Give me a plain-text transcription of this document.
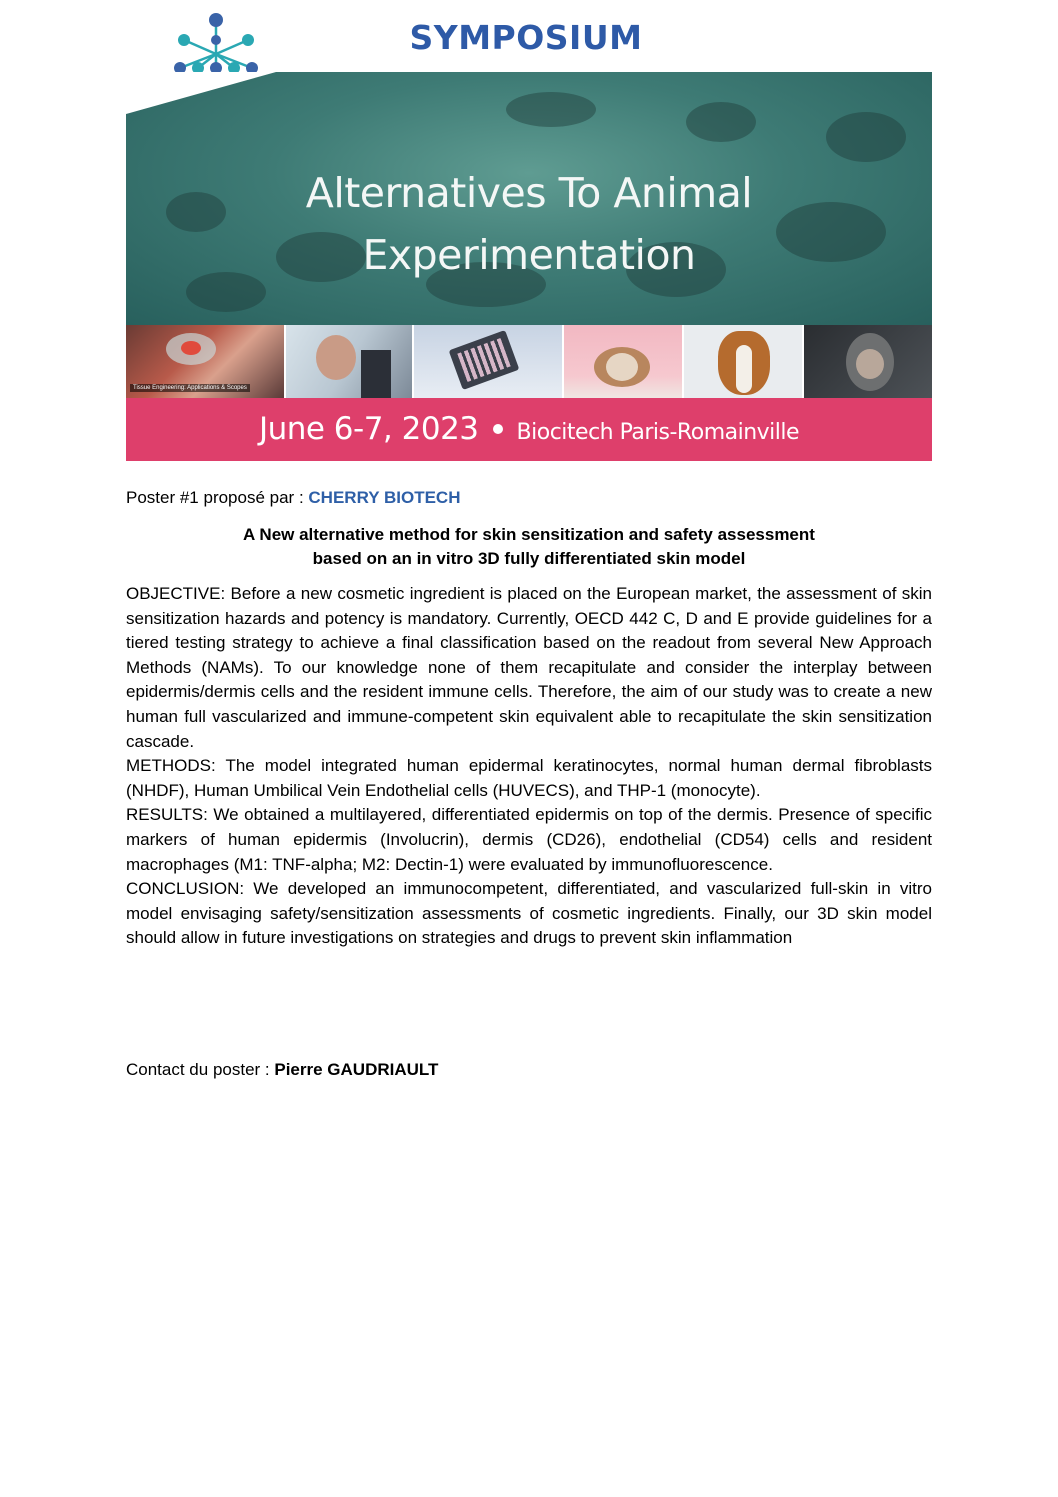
SYMPOSIUM
Alternatives To Animal
Experimentation
Tissue Engineering: Applications & Scopes
June 6-7, 2023 Biocitech Paris-Romainville
Poster #1 proposé par : CHERRY BIOTECH
A New alternative method for skin sensitization and safety assessment
based on an in vitro 3D fully differentiated skin model

OBJECTIVE: Before a new cosmetic ingredient is placed on the European market, the assessment of skin sensitization hazards and potency is mandatory. Currently, OECD 442 C, D and E provide guidelines for a tiered testing strategy to achieve a final classification based on the readout from several New Approach Methods (NAMs). To our knowledge none of them recapitulate and consider the interplay between epidermis/dermis cells and the resident immune cells. Therefore, the aim of our study was to create a new human full vascularized and immune-competent skin equivalent able to recapitulate the skin sensitization cascade.

METHODS: The model integrated human epidermal keratinocytes, normal human dermal fibroblasts (NHDF), Human Umbilical Vein Endothelial cells (HUVECS), and THP-1 (monocyte).

RESULTS: We obtained a multilayered, differentiated epidermis on top of the dermis. Presence of specific markers of human epidermis (Involucrin), dermis (CD26), endothelial (CD54) cells and resident macrophages (M1: TNF-alpha; M2: Dectin-1) were evaluated by immunofluorescence.

CONCLUSION: We developed an immunocompetent, differentiated, and vascularized full-skin in vitro model envisaging safety/sensitization assessments of cosmetic ingredients. Finally, our 3D skin model should allow in future investigations on strategies and drugs to prevent skin inflammation

Contact du poster : Pierre GAUDRIAULT
